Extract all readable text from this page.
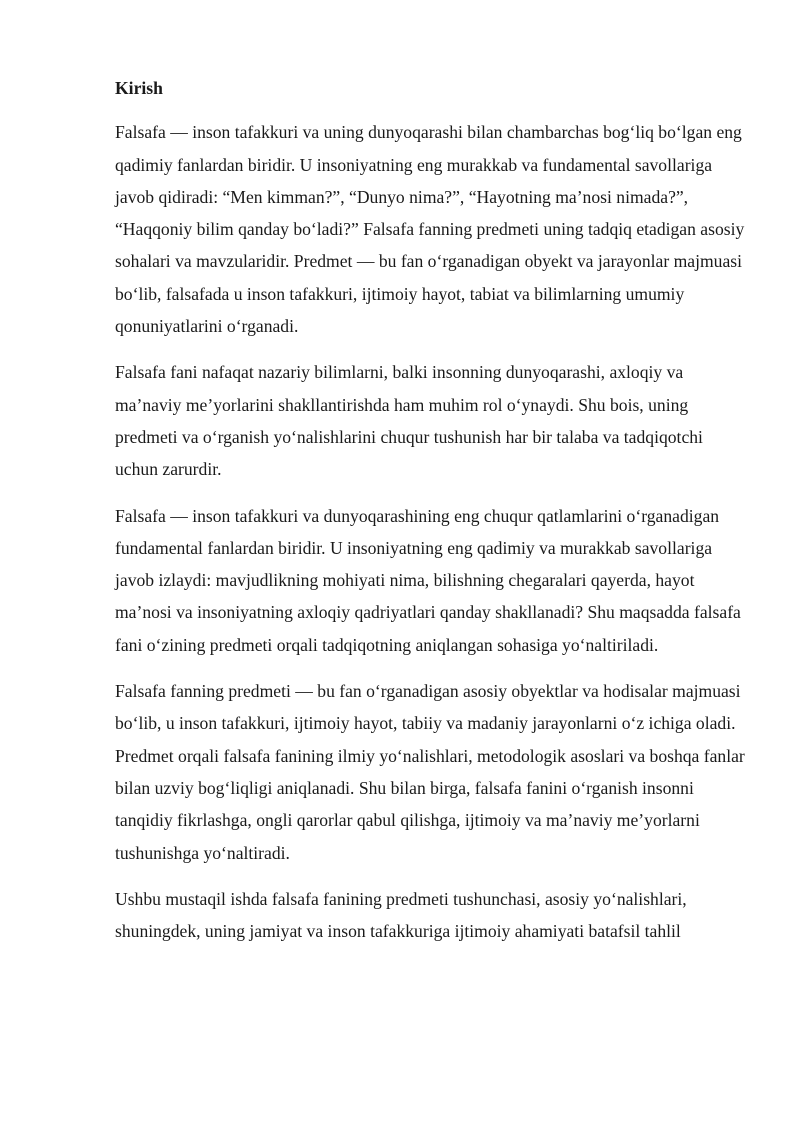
Kirish

Falsafa — inson tafakkuri va uning dunyoqarashi bilan chambarchas bog‘liq bo‘lgan eng qadimiy fanlardan biridir. U insoniyatning eng murakkab va fundamental savollariga javob qidiradi: “Men kimman?”, “Dunyo nima?”, “Hayotning ma’nosi nimada?”, “Haqqoniy bilim qanday bo‘ladi?” Falsafa fanning predmeti uning tadqiq etadigan asosiy sohalari va mavzularidir. Predmet — bu fan o‘rganadigan obyekt va jarayonlar majmuasi bo‘lib, falsafada u inson tafakkuri, ijtimoiy hayot, tabiat va bilimlarning umumiy qonuniyatlarini o‘rganadi.

Falsafa fani nafaqat nazariy bilimlarni, balki insonning dunyoqarashi, axloqiy va ma’naviy me’yorlarini shakllantirishda ham muhim rol o‘ynaydi. Shu bois, uning predmeti va o‘rganish yo‘nalishlarini chuqur tushunish har bir talaba va tadqiqotchi uchun zarurdir.

Falsafa — inson tafakkuri va dunyoqarashining eng chuqur qatlamlarini o‘rganadigan fundamental fanlardan biridir. U insoniyatning eng qadimiy va murakkab savollariga javob izlaydi: mavjudlikning mohiyati nima, bilishning chegaralari qayerda, hayot ma’nosi va insoniyatning axloqiy qadriyatlari qanday shakllanadi? Shu maqsadda falsafa fani o‘zining predmeti orqali tadqiqotning aniqlangan sohasiga yo‘naltiriladi.

Falsafa fanning predmeti — bu fan o‘rganadigan asosiy obyektlar va hodisalar majmuasi bo‘lib, u inson tafakkuri, ijtimoiy hayot, tabiiy va madaniy jarayonlarni o‘z ichiga oladi. Predmet orqali falsafa fanining ilmiy yo‘nalishlari, metodologik asoslari va boshqa fanlar bilan uzviy bog‘liqligi aniqlanadi. Shu bilan birga, falsafa fanini o‘rganish insonni tanqidiy fikrlashga, ongli qarorlar qabul qilishga, ijtimoiy va ma’naviy me’yorlarni tushunishga yo‘naltiradi.

Ushbu mustaqil ishda falsafa fanining predmeti tushunchasi, asosiy yo‘nalishlari, shuningdek, uning jamiyat va inson tafakkuriga ijtimoiy ahamiyati batafsil tahlil
